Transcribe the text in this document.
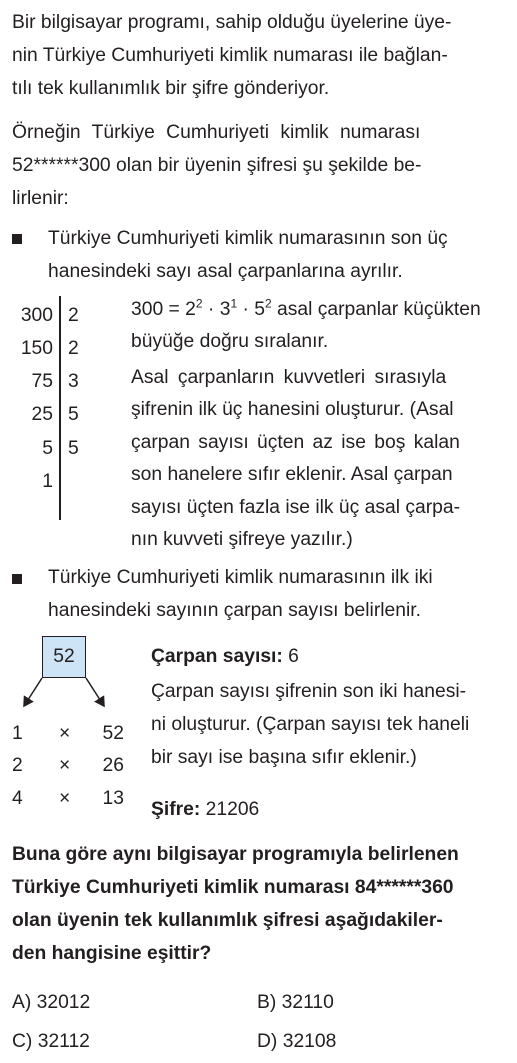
Bir bilgisayar programı, sahip olduğu üyelerine üye-
nin Türkiye Cumhuriyeti kimlik numarası ile bağlan-
tılı tek kullanımlık bir şifre gönderiyor.
Örneğin Türkiye Cumhuriyeti kimlik numarası
52******300 olan bir üyenin şifresi şu şekilde be-
lirlenir:
Türkiye Cumhuriyeti kimlik numarasının son üç
hanesindeki sayı asal çarpanlarına ayrılır.
300
150
75
25
5
1
2
2
3
5
5
$300 = 2^2 \cdot 3^1 \cdot 5^2$ asal çarpanlar küçükten
büyüğe doğru sıralanır.
Asal çarpanların kuvvetleri sırasıyla
şifrenin ilk üç hanesini oluşturur. (Asal
çarpan sayısı üçten az ise boş kalan
son hanelere sıfır eklenir. Asal çarpan
sayısı üçten fazla ise ilk üç asal çarpa-
nın kuvveti şifreye yazılır.)
Türkiye Cumhuriyeti kimlik numarasının ilk iki
hanesindeki sayının çarpan sayısı belirlenir.
52
1 × 52
2 × 26
4 × 13
Çarpan sayısı: 6
Çarpan sayısı şifrenin son iki hanesi-
ni oluşturur. (Çarpan sayısı tek haneli
bir sayı ise başına sıfır eklenir.)
Şifre: 21206
Buna göre aynı bilgisayar programıyla belirlenen
Türkiye Cumhuriyeti kimlik numarası 84******360
olan üyenin tek kullanımlık şifresi aşağıdakiler-
den hangisine eşittir?
A) 32012	B) 32110
C) 32112	D) 32108
